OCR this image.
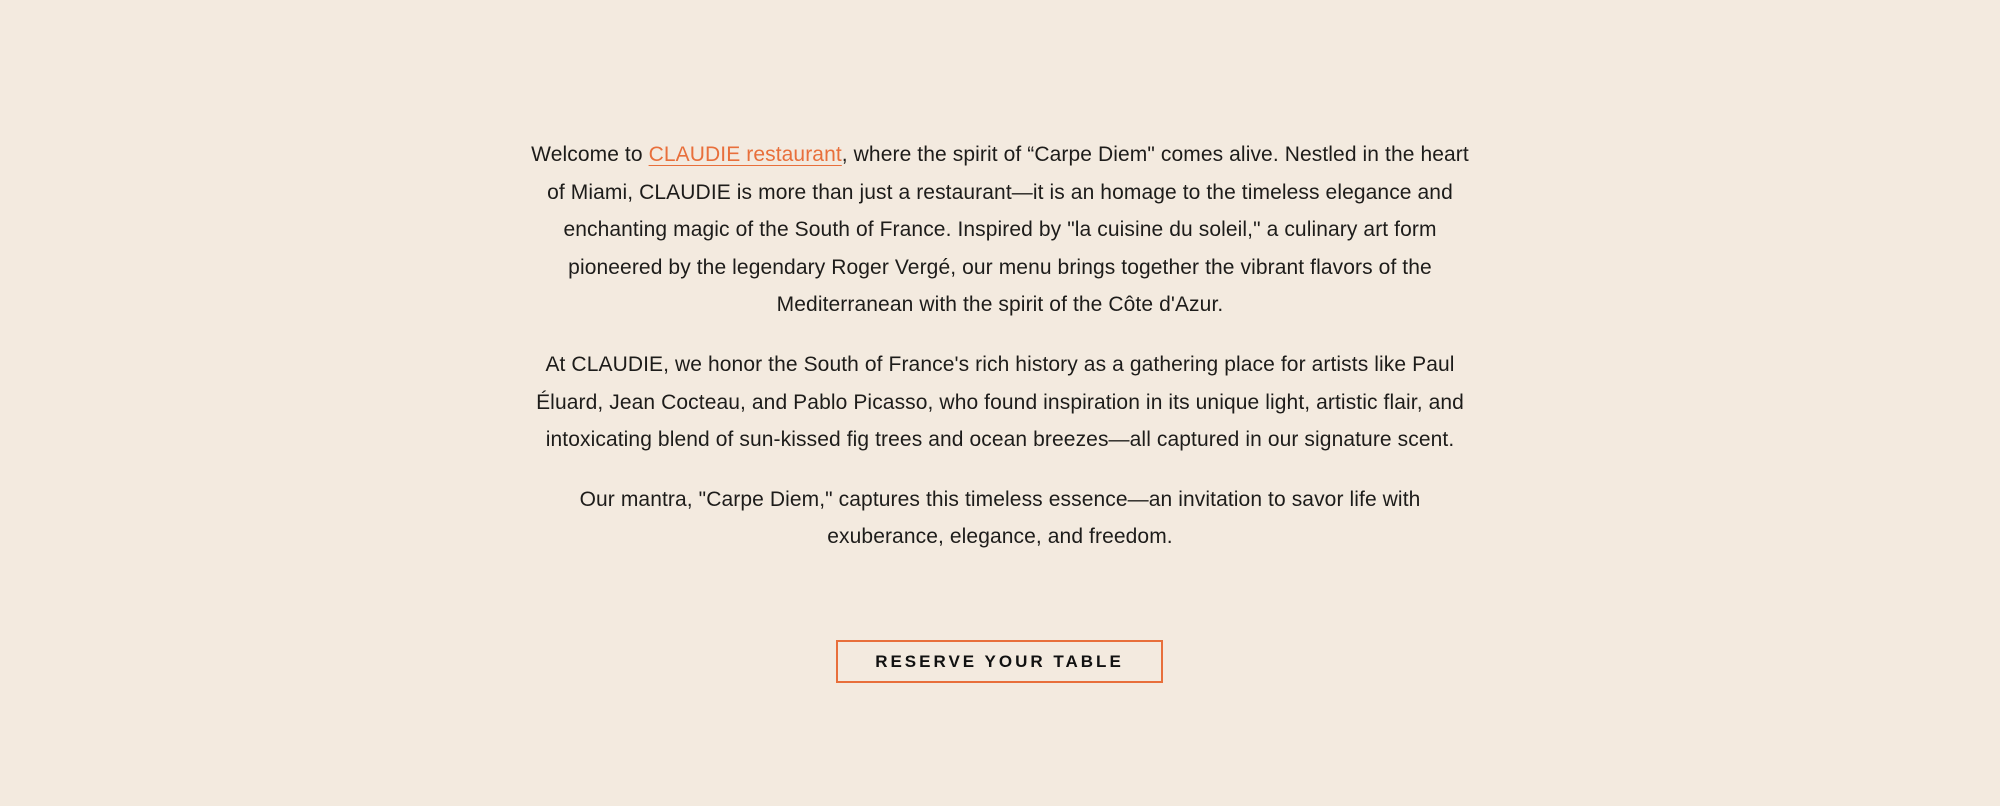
Welcome to CLAUDIE restaurant, where the spirit of “Carpe Diem" comes alive. Nestled in the heart of Miami, CLAUDIE is more than just a restaurant—it is an homage to the timeless elegance and enchanting magic of the South of France. Inspired by "la cuisine du soleil," a culinary art form pioneered by the legendary Roger Vergé, our menu brings together the vibrant flavors of the Mediterranean with the spirit of the Côte d'Azur.

At CLAUDIE, we honor the South of France's rich history as a gathering place for artists like Paul Éluard, Jean Cocteau, and Pablo Picasso, who found inspiration in its unique light, artistic flair, and intoxicating blend of sun-kissed fig trees and ocean breezes—all captured in our signature scent.

Our mantra, "Carpe Diem," captures this timeless essence—an invitation to savor life with exuberance, elegance, and freedom.

RESERVE YOUR TABLE
